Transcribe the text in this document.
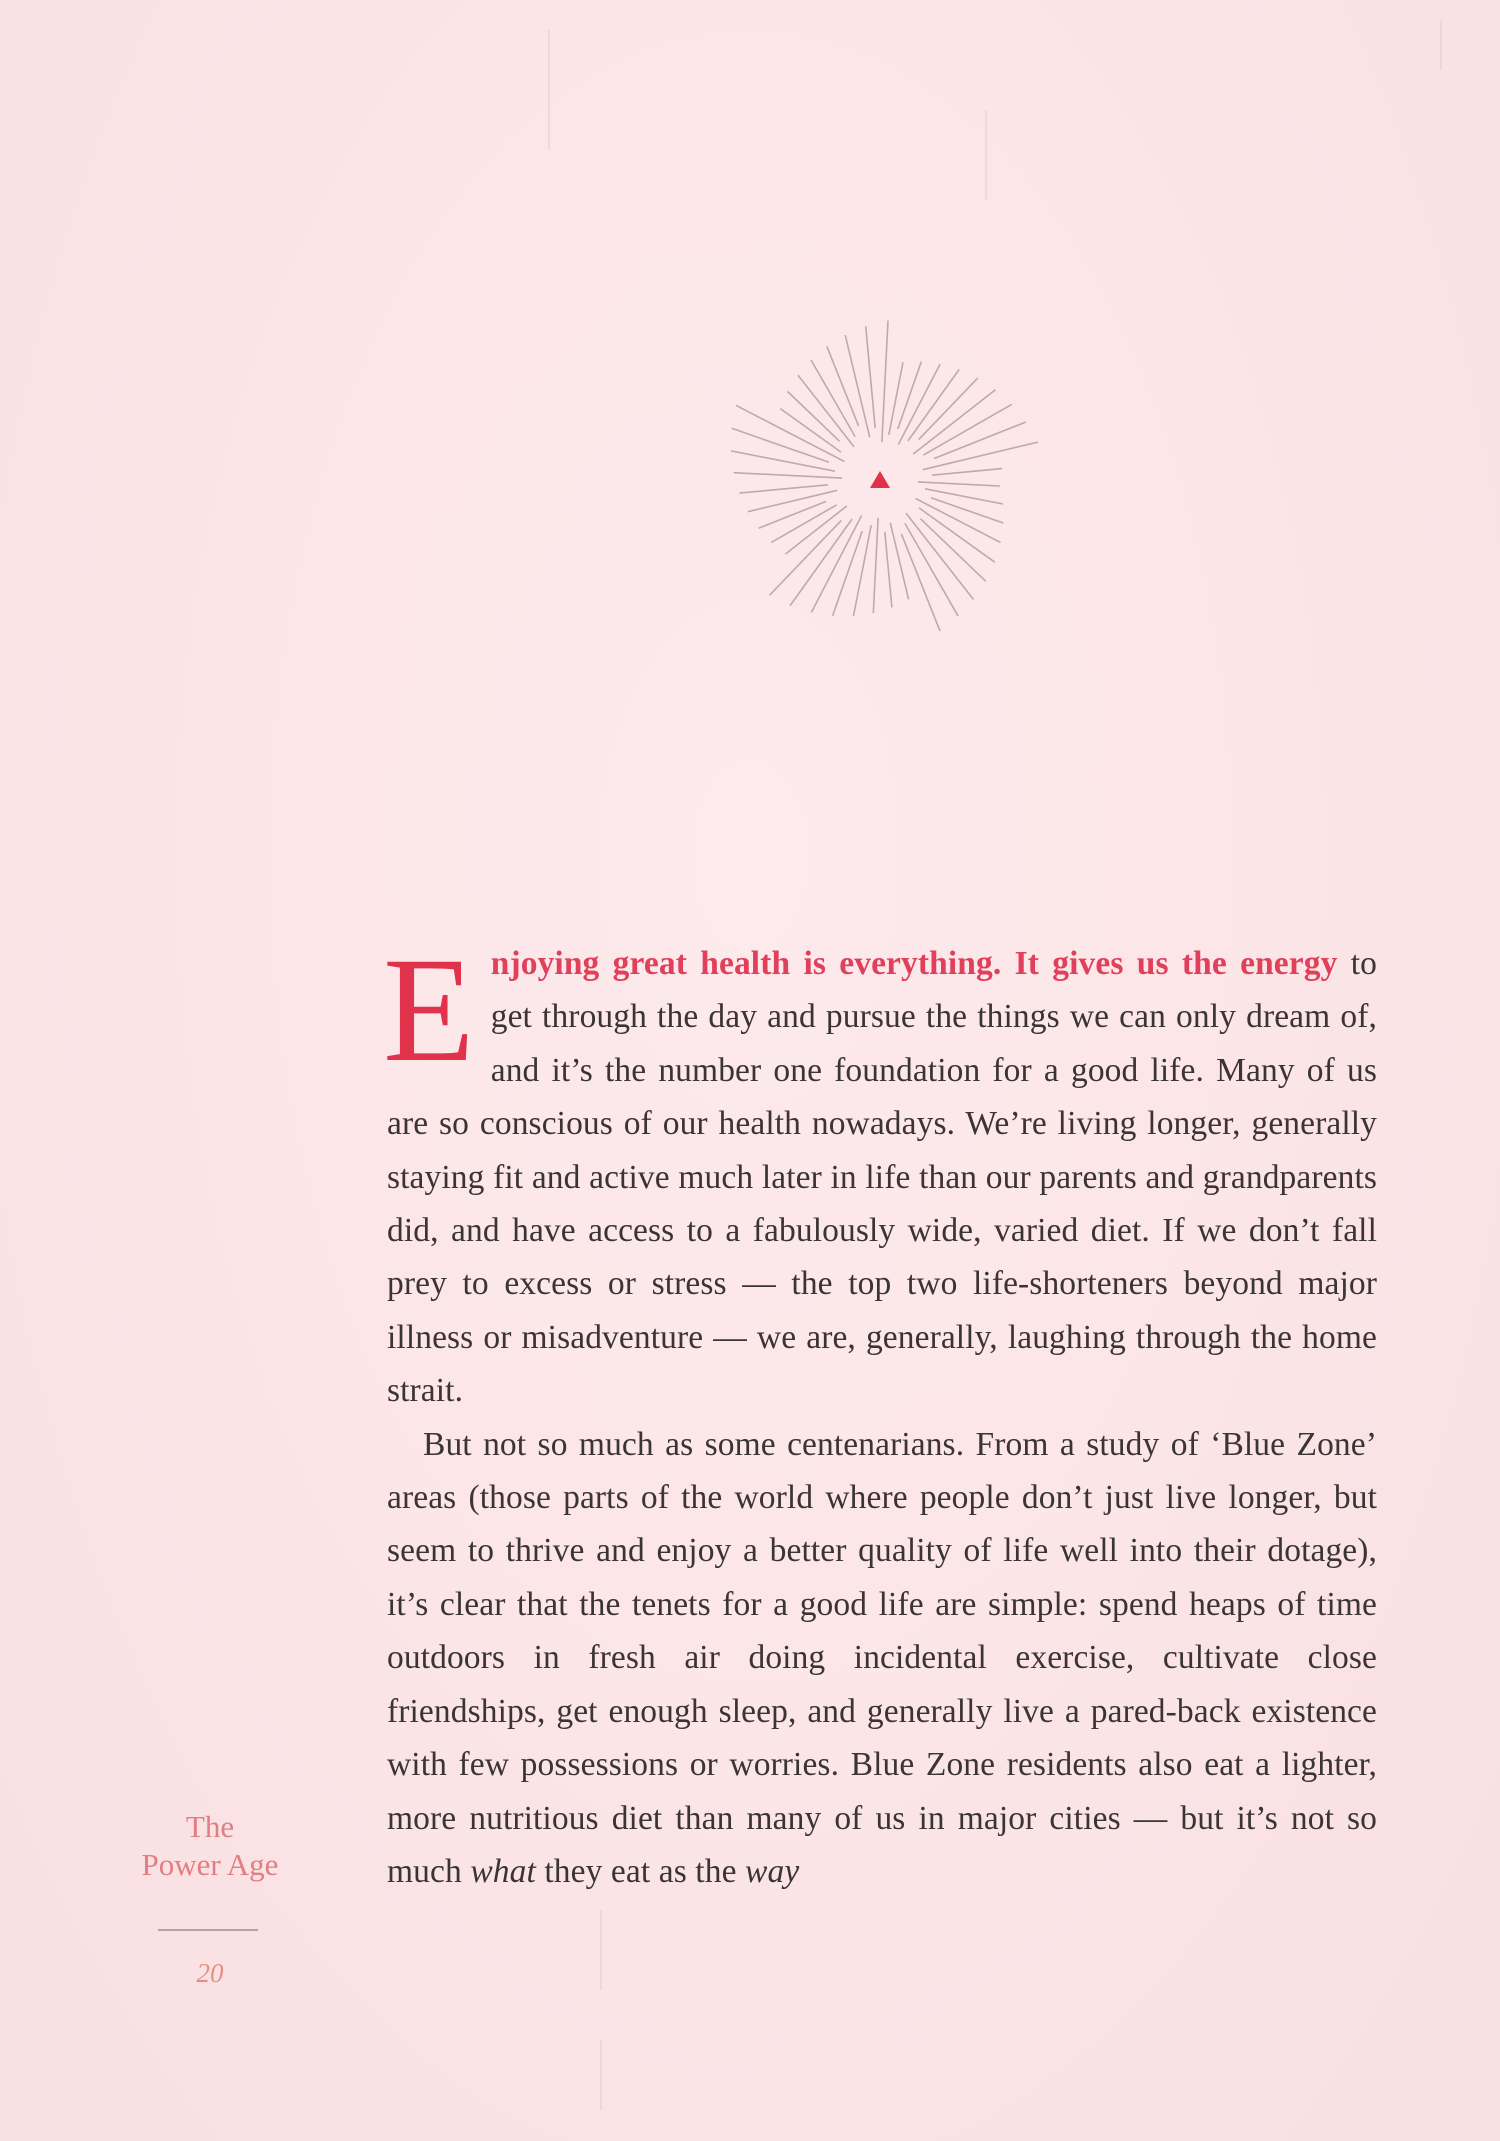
E njoying great health is everything. It gives us the energy to get through the day and pursue the things we can only dream of, and it’s the number one foundation for a good life. Many of us are so conscious of our health nowadays. We’re living longer, generally staying fit and active much later in life than our parents and grandparents did, and have access to a fabulously wide, varied diet. If we don’t fall prey to excess or stress — the top two life-shorteners beyond major illness or misadventure — we are, generally, laughing through the home strait.

But not so much as some centenarians. From a study of ‘Blue Zone’ areas (those parts of the world where people don’t just live longer, but seem to thrive and enjoy a better quality of life well into their dotage), it’s clear that the tenets for a good life are simple: spend heaps of time outdoors in fresh air doing incidental exercise, cultivate close friendships, get enough sleep, and generally live a pared-back existence with few possessions or worries. Blue Zone residents also eat a lighter, more nutritious diet than many of us in major cities — but it’s not so much what they eat as the way

The
Power Age
20
